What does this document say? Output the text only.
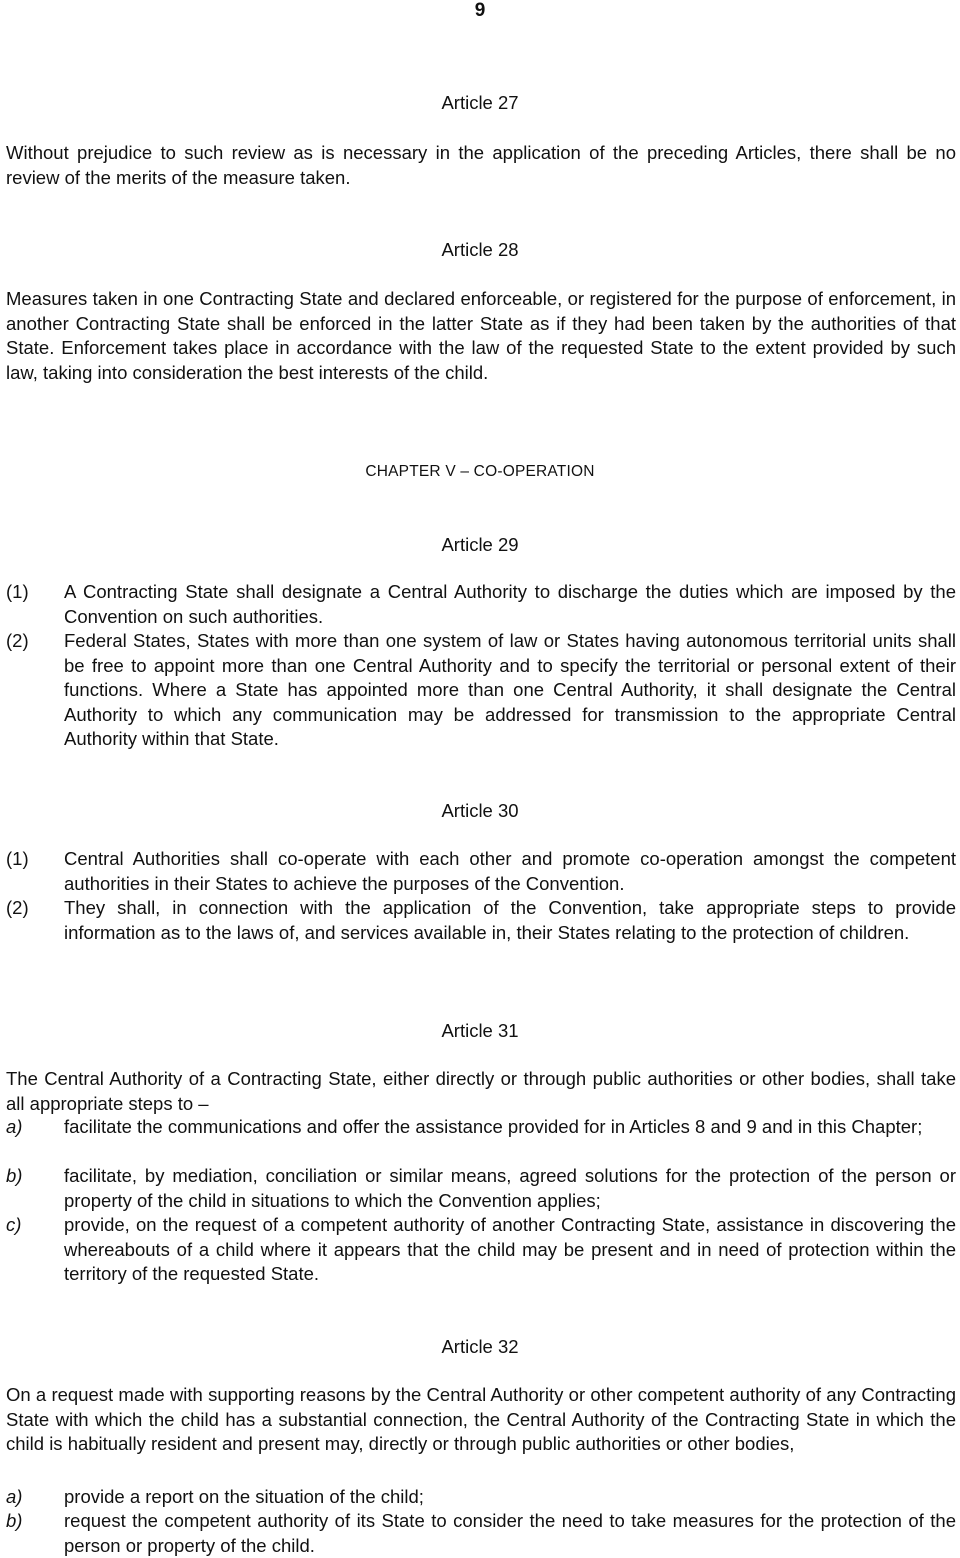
9
Article 27
Without prejudice to such review as is necessary in the application of the preceding Articles, there shall be no review of the merits of the measure taken.
Article 28
Measures taken in one Contracting State and declared enforceable, or registered for the purpose of enforcement, in another Contracting State shall be enforced in the latter State as if they had been taken by the authorities of that State. Enforcement takes place in accordance with the law of the requested State to the extent provided by such law, taking into consideration the best interests of the child.
CHAPTER V – CO-OPERATION
Article 29
(1) A Contracting State shall designate a Central Authority to discharge the duties which are imposed by the Convention on such authorities.
(2) Federal States, States with more than one system of law or States having autonomous territorial units shall be free to appoint more than one Central Authority and to specify the territorial or personal extent of their functions. Where a State has appointed more than one Central Authority, it shall designate the Central Authority to which any communication may be addressed for transmission to the appropriate Central Authority within that State.
Article 30
(1) Central Authorities shall co-operate with each other and promote co-operation amongst the competent authorities in their States to achieve the purposes of the Convention.
(2) They shall, in connection with the application of the Convention, take appropriate steps to provide information as to the laws of, and services available in, their States relating to the protection of children.
Article 31
The Central Authority of a Contracting State, either directly or through public authorities or other bodies, shall take all appropriate steps to –
a) facilitate the communications and offer the assistance provided for in Articles 8 and 9 and in this Chapter;
b) facilitate, by mediation, conciliation or similar means, agreed solutions for the protection of the person or property of the child in situations to which the Convention applies;
c) provide, on the request of a competent authority of another Contracting State, assistance in discovering the whereabouts of a child where it appears that the child may be present and in need of protection within the territory of the requested State.
Article 32
On a request made with supporting reasons by the Central Authority or other competent authority of any Contracting State with which the child has a substantial connection, the Central Authority of the Contracting State in which the child is habitually resident and present may, directly or through public authorities or other bodies,
a) provide a report on the situation of the child;
b) request the competent authority of its State to consider the need to take measures for the protection of the person or property of the child.
